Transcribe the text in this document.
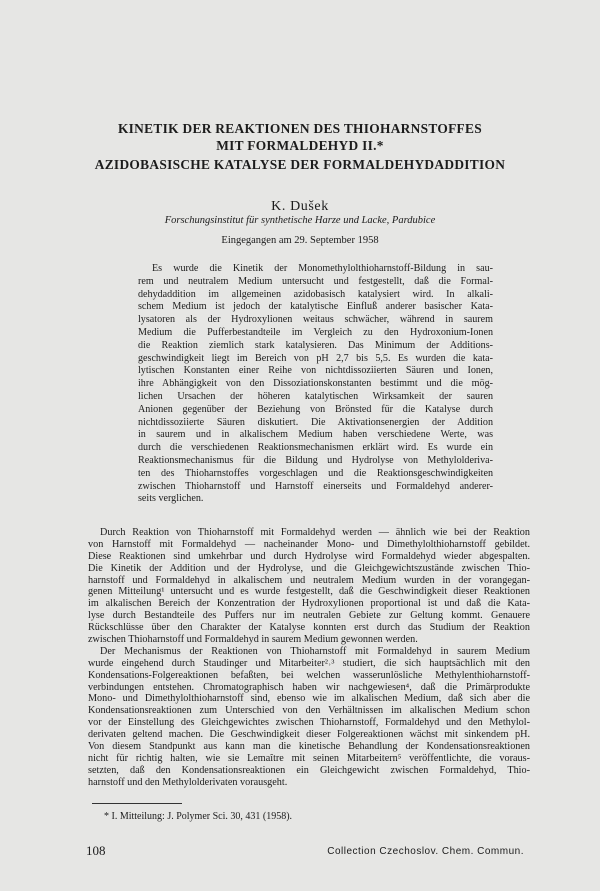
KINETIK DER REAKTIONEN DES THIOHARNSTOFFES
MIT FORMALDEHYD II.*
AZIDOBASISCHE KATALYSE DER FORMALDEHYDADDITION

K. Dušek

Forschungsinstitut für synthetische Harze und Lacke, Pardubice

Eingegangen am 29. September 1958

Es wurde die Kinetik der Monomethylolthioharnstoff-Bildung in sau-
rem und neutralem Medium untersucht und festgestellt, daß die Formal-
dehydaddition im allgemeinen azidobasisch katalysiert wird. In alkali-
schem Medium ist jedoch der katalytische Einfluß anderer basischer Kata-
lysatoren als der Hydroxylionen weitaus schwächer, während in saurem
Medium die Pufferbestandteile im Vergleich zu den Hydroxonium-Ionen
die Reaktion ziemlich stark katalysieren. Das Minimum der Additions-
geschwindigkeit liegt im Bereich von pH 2,7 bis 5,5. Es wurden die kata-
lytischen Konstanten einer Reihe von nichtdissoziierten Säuren und Ionen,
ihre Abhängigkeit von den Dissoziationskonstanten bestimmt und die mög-
lichen Ursachen der höheren katalytischen Wirksamkeit der sauren
Anionen gegenüber der Beziehung von Brönsted für die Katalyse durch
nichtdissoziierte Säuren diskutiert. Die Aktivationsenergien der Addition
in saurem und in alkalischem Medium haben verschiedene Werte, was
durch die verschiedenen Reaktionsmechanismen erklärt wird. Es wurde ein
Reaktionsmechanismus für die Bildung und Hydrolyse von Methylolderiva-
ten des Thioharnstoffes vorgeschlagen und die Reaktionsgeschwindigkeiten
zwischen Thioharnstoff und Harnstoff einerseits und Formaldehyd anderer-
seits verglichen.
Durch Reaktion von Thioharnstoff mit Formaldehyd werden — ähnlich wie bei der Reaktion
von Harnstoff mit Formaldehyd — nacheinander Mono- und Dimethylolthioharnstoff gebildet.
Diese Reaktionen sind umkehrbar und durch Hydrolyse wird Formaldehyd wieder abgespalten.
Die Kinetik der Addition und der Hydrolyse, und die Gleichgewichtszustände zwischen Thio-
harnstoff und Formaldehyd in alkalischem und neutralem Medium wurden in der vorangegan-
genen Mitteilung¹ untersucht und es wurde festgestellt, daß die Geschwindigkeit dieser Reaktionen
im alkalischen Bereich der Konzentration der Hydroxylionen proportional ist und daß die Kata-
lyse durch Bestandteile des Puffers nur im neutralen Gebiete zur Geltung kommt. Genauere
Rückschlüsse über den Charakter der Katalyse konnten erst durch das Studium der Reaktion
zwischen Thioharnstoff und Formaldehyd in saurem Medium gewonnen werden.
Der Mechanismus der Reaktionen von Thioharnstoff mit Formaldehyd in saurem Medium
wurde eingehend durch Staudinger und Mitarbeiter²˒³ studiert, die sich hauptsächlich mit den
Kondensations-Folgereaktionen befaßten, bei welchen wasserunlösliche Methylenthioharnstoff-
verbindungen entstehen. Chromatographisch haben wir nachgewiesen⁴, daß die Primärprodukte
Mono- und Dimethylolthioharnstoff sind, ebenso wie im alkalischen Medium, daß sich aber die
Kondensationsreaktionen zum Unterschied von den Verhältnissen im alkalischen Medium schon
vor der Einstellung des Gleichgewichtes zwischen Thioharnstoff, Formaldehyd und den Methylol-
derivaten geltend machen. Die Geschwindigkeit dieser Folgereaktionen wächst mit sinkendem pH.
Von diesem Standpunkt aus kann man die kinetische Behandlung der Kondensationsreaktionen
nicht für richtig halten, wie sie Lemaître mit seinen Mitarbeitern⁵ veröffentlichte, die voraus-
setzten, daß den Kondensationsreaktionen ein Gleichgewicht zwischen Formaldehyd, Thio-
harnstoff und den Methylolderivaten vorausgeht.

* I. Mitteilung: J. Polymer Sci. 30, 431 (1958).

108	Collection Czechoslov. Chem. Commun.
